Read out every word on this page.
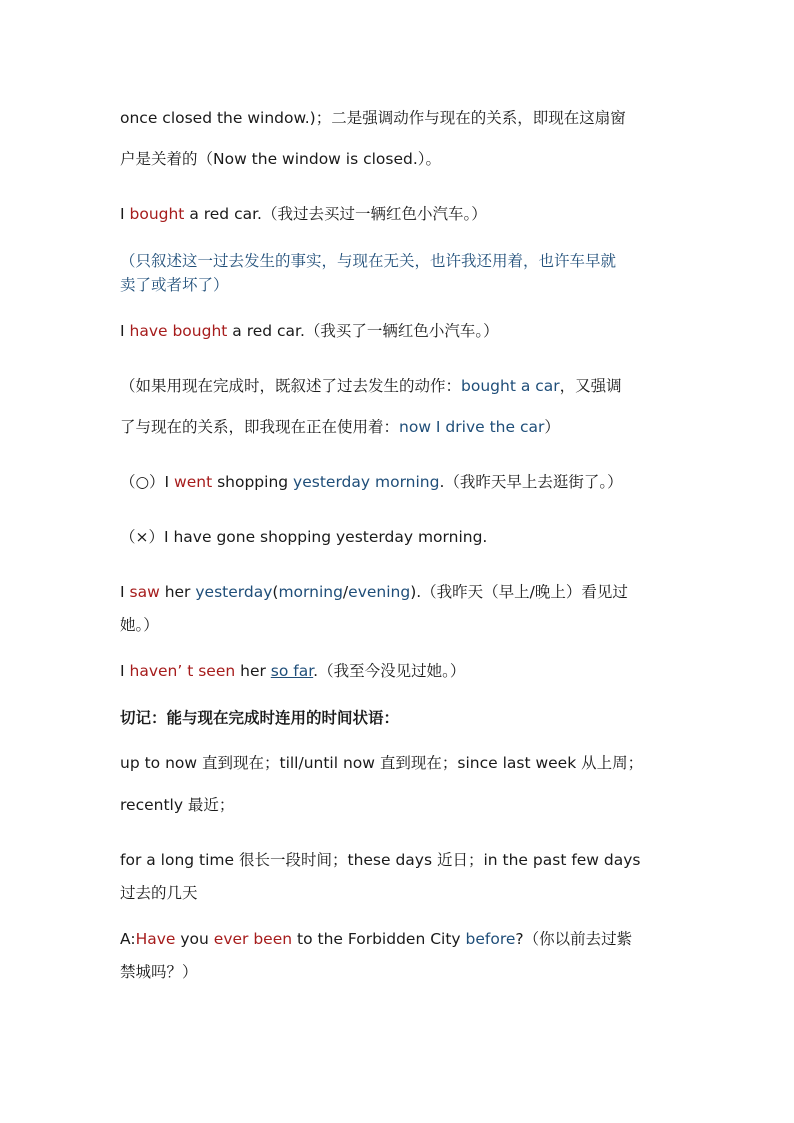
once closed the window.)；二是强调动作与现在的关系，即现在这扇窗
户是关着的（Now the window is closed.）。
I bought a red car.（我过去买过一辆红色小汽车。）
（只叙述这一过去发生的事实，与现在无关，也许我还用着，也许车早就
卖了或者坏了）
I have bought a red car.（我买了一辆红色小汽车。）
（如果用现在完成时，既叙述了过去发生的动作：bought a car，又强调
了与现在的关系，即我现在正在使用着：now I drive the car）
（○）I went shopping yesterday morning.（我昨天早上去逛街了。）
（×）I have gone shopping yesterday morning.
I saw her yesterday(morning/evening).（我昨天（早上/晚上）看见过
她。）
I haven’ t seen her so far.（我至今没见过她。）
切记：能与现在完成时连用的时间状语：
up to now 直到现在；till/until now 直到现在；since last week 从上周；
recently 最近；
for a long time 很长一段时间；these days 近日；in the past few days
过去的几天
A:Have you ever been to the Forbidden City before?（你以前去过紫
禁城吗？）
